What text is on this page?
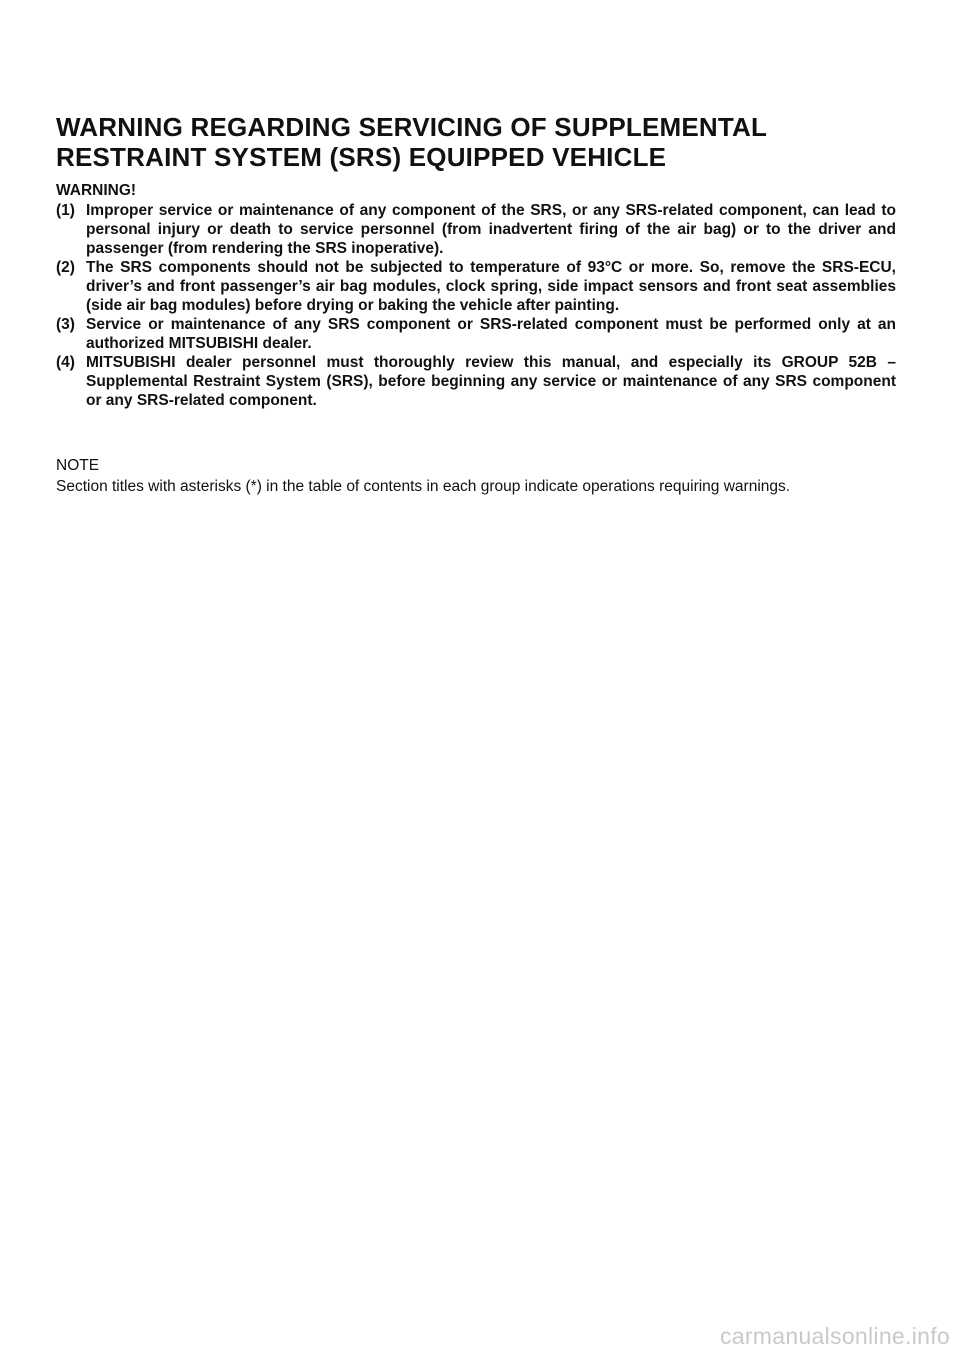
WARNING REGARDING SERVICING OF SUPPLEMENTAL
RESTRAINT SYSTEM (SRS) EQUIPPED VEHICLE
WARNING!
(1) Improper service or maintenance of any component of the SRS, or any SRS-related component, can lead to personal injury or death to service personnel (from inadvertent firing of the air bag) or to the driver and passenger (from rendering the SRS inoperative).
(2) The SRS components should not be subjected to temperature of 93°C or more. So, remove the SRS-ECU, driver’s and front passenger’s air bag modules, clock spring, side impact sensors and front seat assemblies (side air bag modules) before drying or baking the vehicle after painting.
(3) Service or maintenance of any SRS component or SRS-related component must be performed only at an authorized MITSUBISHI dealer.
(4) MITSUBISHI dealer personnel must thoroughly review this manual, and especially its GROUP 52B – Supplemental Restraint System (SRS), before beginning any service or maintenance of any SRS component or any SRS-related component.
NOTE
Section titles with asterisks (*) in the table of contents in each group indicate operations requiring warnings.
carmanualsonline.info
